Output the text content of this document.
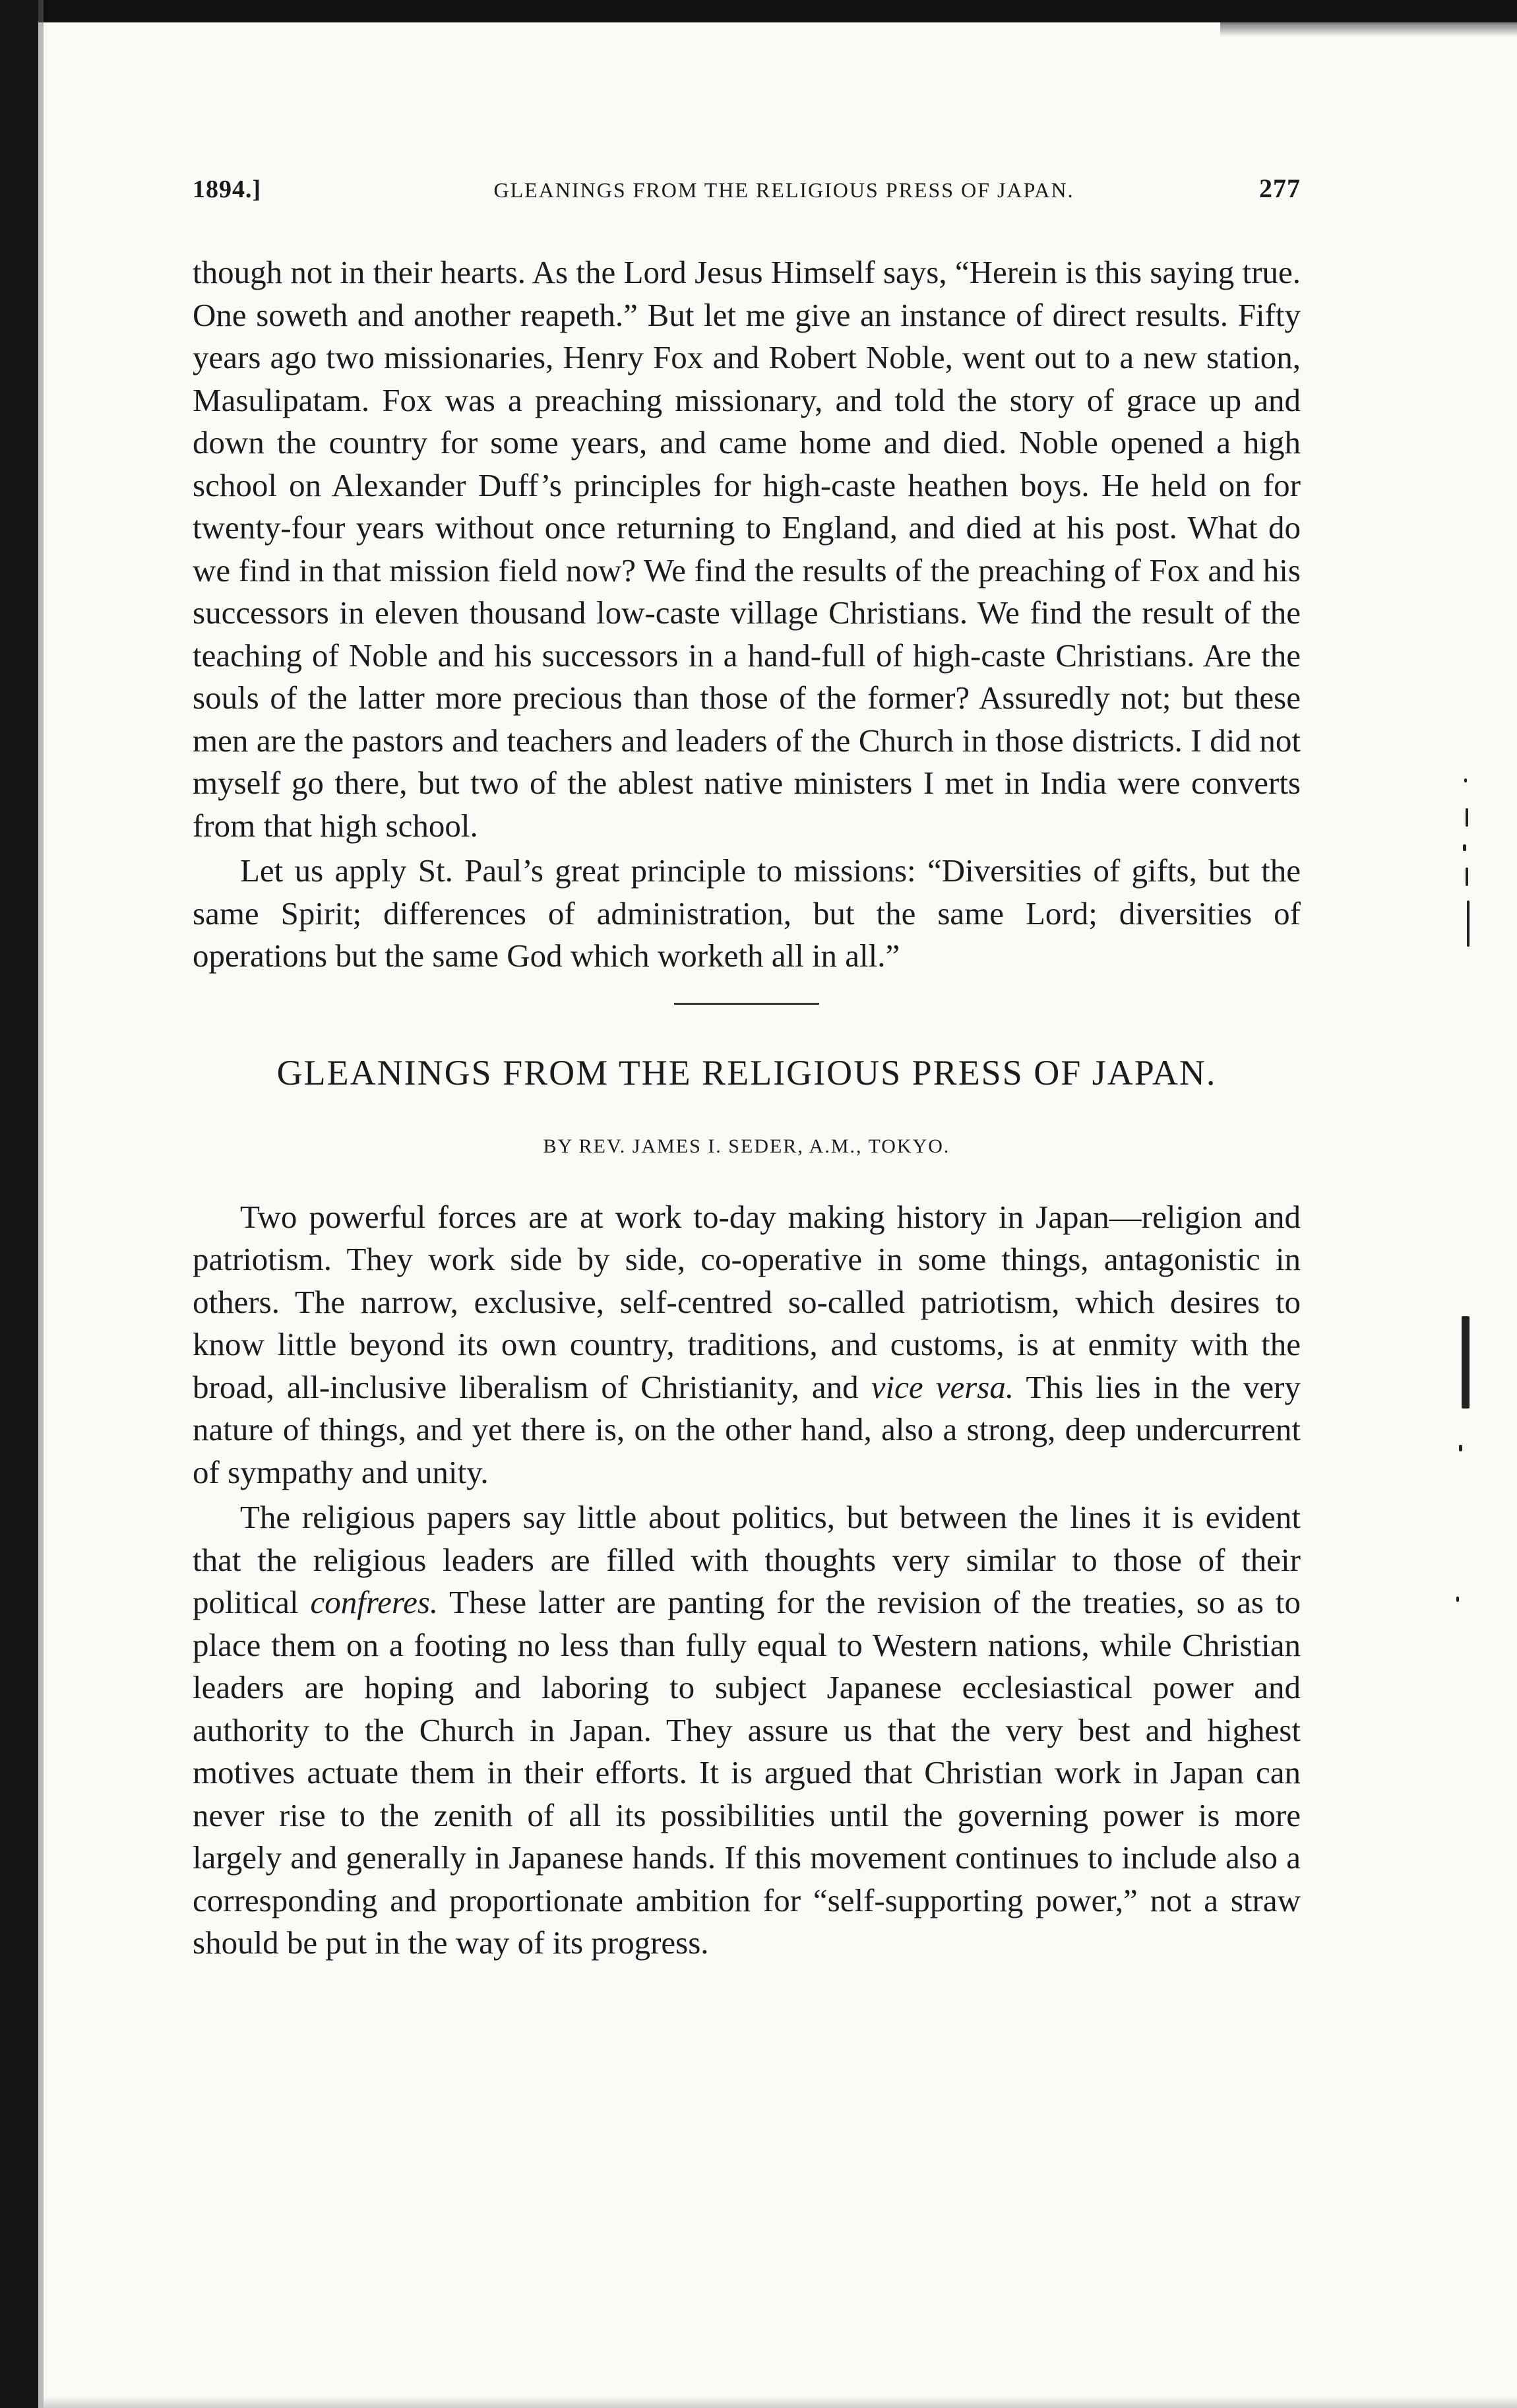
1894.]	GLEANINGS FROM THE RELIGIOUS PRESS OF JAPAN.	277

though not in their hearts. As the Lord Jesus Himself says, “Herein is this saying true. One soweth and another reapeth.” But let me give an instance of direct results. Fifty years ago two missionaries, Henry Fox and Robert Noble, went out to a new station, Masulipatam. Fox was a preaching missionary, and told the story of grace up and down the country for some years, and came home and died. Noble opened a high school on Alexander Duff’s principles for high-caste heathen boys. He held on for twenty-four years without once returning to England, and died at his post. What do we find in that mission field now? We find the results of the preaching of Fox and his successors in eleven thousand low-caste village Christians. We find the result of the teaching of Noble and his successors in a hand-full of high-caste Christians. Are the souls of the latter more precious than those of the former? Assuredly not; but these men are the pastors and teachers and leaders of the Church in those districts. I did not myself go there, but two of the ablest native ministers I met in India were converts from that high school.

Let us apply St. Paul’s great principle to missions: “Diversities of gifts, but the same Spirit; differences of administration, but the same Lord; diversities of operations but the same God which worketh all in all.”

GLEANINGS FROM THE RELIGIOUS PRESS OF JAPAN.
BY REV. JAMES I. SEDER, A.M., TOKYO.

Two powerful forces are at work to-day making history in Japan—religion and patriotism. They work side by side, co-operative in some things, antagonistic in others. The narrow, exclusive, self-centred so-called patriotism, which desires to know little beyond its own country, traditions, and customs, is at enmity with the broad, all-inclusive liberalism of Christianity, and vice versa. This lies in the very nature of things, and yet there is, on the other hand, also a strong, deep undercurrent of sympathy and unity.

The religious papers say little about politics, but between the lines it is evident that the religious leaders are filled with thoughts very similar to those of their political confreres. These latter are panting for the revision of the treaties, so as to place them on a footing no less than fully equal to Western nations, while Christian leaders are hoping and laboring to subject Japanese ecclesiastical power and authority to the Church in Japan. They assure us that the very best and highest motives actuate them in their efforts. It is argued that Christian work in Japan can never rise to the zenith of all its possibilities until the governing power is more largely and generally in Japanese hands. If this movement continues to include also a corresponding and proportionate ambition for “self-supporting power,” not a straw should be put in the way of its progress.
